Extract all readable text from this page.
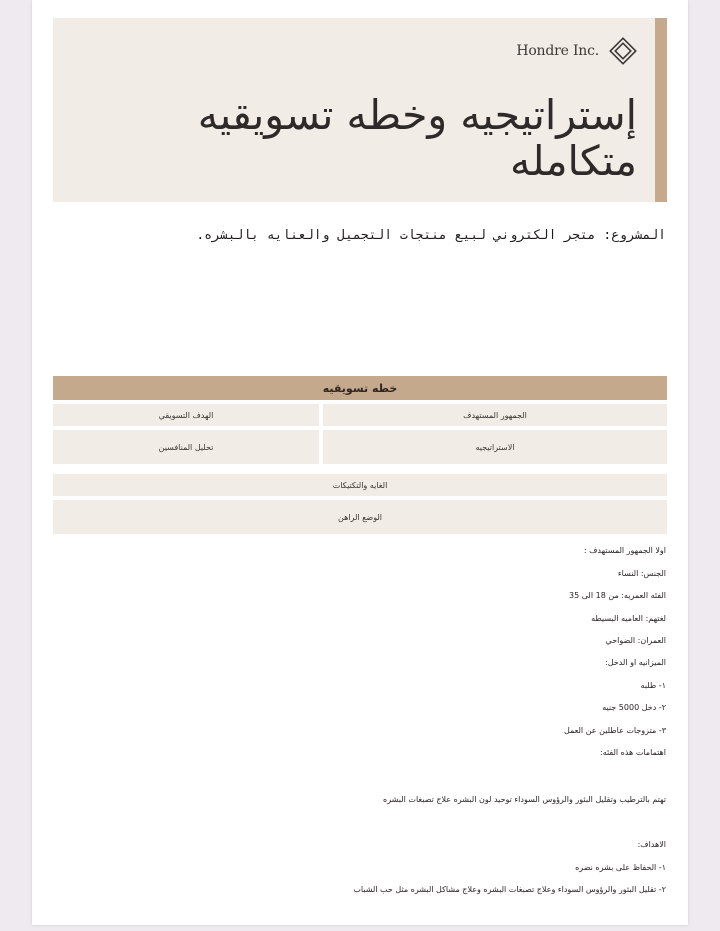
Hondre Inc.
إستراتيجيه وخطه تسويقيه متكامله
المشروع: متجر الكتروني لبيع منتجات التجميل والعنايه بالبشره.
خطه تسويقيه
الجمهور المستهدف
الهدف التسويقي
الاستراتيجيه
تحليل المنافسين
الغايه والتكتيكات
الوضع الراهن
اولا الجمهور المستهدف :
الجنس: النساء
الفئه العمريه: من 18 الى 35
لغتهم: العاميه البسيطه
العمران: الضواحي
الميزانيه او الدخل:
١- طلبه
٢- دخل 5000 جنيه
٣- متزوجات عاطلين عن العمل
اهتمامات هذه الفئه:
تهتم بالترطيب وتقليل البثور والرؤوس السوداء توحيد لون البشره علاج تصبغات البشره
الاهداف:
١- الحفاظ على بشره نضره
٢- تقليل البثور والرؤوس السوداء وعلاج تصبغات البشره وعلاج مشاكل البشره مثل حب الشباب
